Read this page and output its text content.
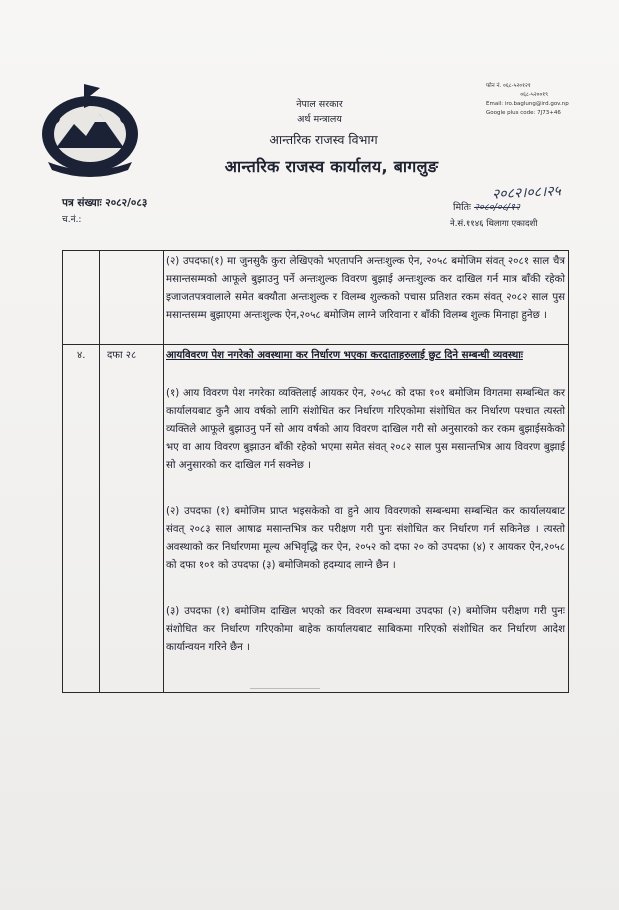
नेपाल सरकार
अर्थ मन्त्रालय
आन्तरिक राजस्व विभाग
आन्तरिक राजस्व कार्यालय, बागलुङ
फोन नं. ०६८-५२०१२१
०६८-५२००१९
Email: iro.baglung@ird.gov.np
Google plus code: 7J73+46
पत्र संख्याः २०८२/०८३
च.नं.:
२०८२।०८।२५
मितिः २०८०/०८/१२
ने.सं.११४६ थिलागा एकादशी
४. दफा २८
(२) उपदफा(१) मा जुनसुकै कुरा लेखिएको भएतापनि अन्तःशुल्क ऐन, २०५८ बमोजिम संवत् २०८१ साल चैत्र मसान्तसम्मको आफूले बुझाउनु पर्ने अन्तःशुल्क विवरण बुझाई अन्तःशुल्क कर दाखिल गर्न मात्र बाँकी रहेको इजाजतपत्रवालाले समेत बक्यौता अन्तःशुल्क र विलम्ब शुल्कको पचास प्रतिशत रकम संवत् २०८२ साल पुस मसान्तसम्म बुझाएमा अन्तःशुल्क ऐन,२०५८ बमोजिम लाग्ने जरिवाना र बाँकी विलम्ब शुल्क मिनाहा हुनेछ ।
आयविवरण पेश नगरेको अवस्थामा कर निर्धारण भएका करदाताहरुलाई छुट दिने सम्बन्धी व्यवस्थाः
(१) आय विवरण पेश नगरेका व्यक्तिलाई आयकर ऐन, २०५८ को दफा १०१ बमोजिम विगतमा सम्बन्धित कर कार्यालयबाट कुनै आय वर्षको लागि संशोधित कर निर्धारण गरिएकोमा संशोधित कर निर्धारण पश्चात त्यस्तो व्यक्तिले आफूले बुझाउनु पर्ने सो आय वर्षको आय विवरण दाखिल गरी सो अनुसारको कर रकम बुझाईसकेको भए वा आय विवरण बुझाउन बाँकी रहेको भएमा समेत संवत् २०८२ साल पुस मसान्तभित्र आय विवरण बुझाई सो अनुसारको कर दाखिल गर्न सक्नेछ ।
(२) उपदफा (१) बमोजिम प्राप्त भइसकेको वा हुने आय विवरणको सम्बन्धमा सम्बन्धित कर कार्यालयबाट संवत् २०८३ साल आषाढ मसान्तभित्र कर परीक्षण गरी पुनः संशोधित कर निर्धारण गर्न सकिनेछ । त्यस्तो अवस्थाको कर निर्धारणमा मूल्य अभिवृद्धि कर ऐन, २०५२ को दफा २० को उपदफा (४) र आयकर ऐन,२०५८ को दफा १०१ को उपदफा (३) बमोजिमको हदम्याद लाग्ने छैन ।
(३) उपदफा (१) बमोजिम दाखिल भएको कर विवरण सम्बन्धमा उपदफा (२) बमोजिम परीक्षण गरी पुनः संशोधित कर निर्धारण गरिएकोमा बाहेक कार्यालयबाट साबिकमा गरिएको संशोधित कर निर्धारण आदेश कार्यान्वयन गरिने छैन ।
